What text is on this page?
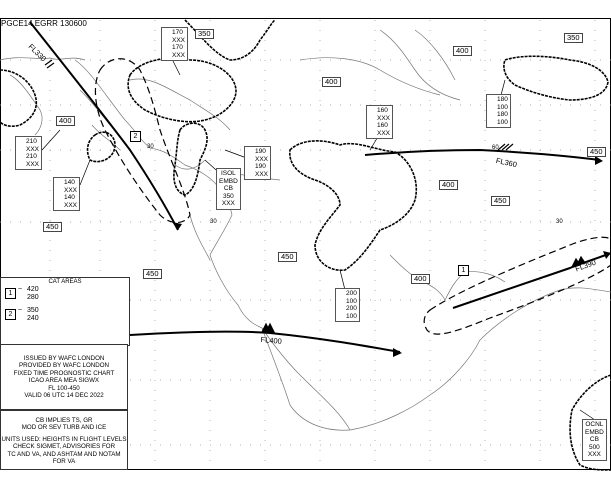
PGCE14 EGRR 130600
350
400
350
400
400
450
400
450
450
450
450
400
30
30	30
60
170
XXX
170
XXX
210
XXX
210
XXX
140
XXX
140
XXX
160
XXX
160
XXX
190
XXX
190
XXX
180
100
180
100
200
100
200
100
ISOL
EMBD
CB
350
XXX
OCNL
EMBD
CB
500
XXX
FL330
FL360
FL400
FL390
2
1
CAT AREAS
1
~ 420
280
2
~ 350
240
ISSUED BY WAFC LONDON
PROVIDED BY WAFC LONDON
FIXED TIME PROGNOSTIC CHART
ICAO AREA MEA SIGWX
FL 100-450
VALID 06 UTC 14 DEC 2022
CB IMPLIES TS, GR
MOD OR SEV TURB AND ICE
UNITS USED: HEIGHTS IN FLIGHT LEVELS
CHECK SIGMET, ADVISORIES FOR
TC AND VA, AND ASHTAM AND NOTAM FOR VA
